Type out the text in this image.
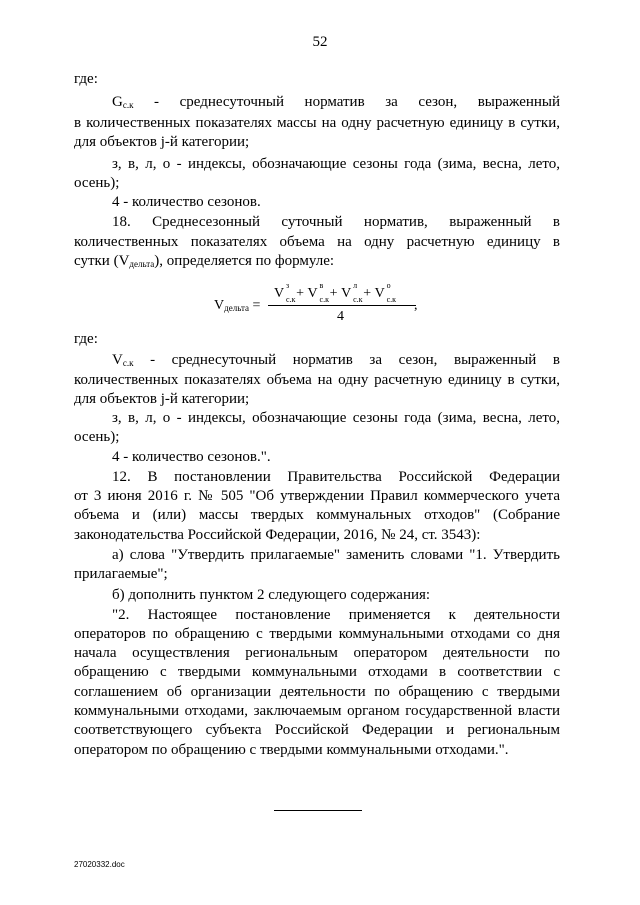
52
где:
$G_{с.к}$ - среднесуточный норматив за сезон, выраженный
в количественных показателях массы на одну расчетную единицу в сутки,
для объектов j-й категории;
з, в, л, о - индексы, обозначающие сезоны года (зима, весна, лето,
осень);
4 - количество сезонов.
18. Среднесезонный суточный норматив, выраженный в
количественных показателях объема на одну расчетную единицу в
сутки $(V_{дельта})$, определяется по формуле:
$V_{дельта}$ =
V
з
с.к + V
в
с.к + V
л
с.к + V
о
с.к
4
,
где:
$V_{с.к}$ - среднесуточный норматив за сезон, выраженный в
количественных показателях объема на одну расчетную единицу в сутки,
для объектов j-й категории;
з, в, л, о - индексы, обозначающие сезоны года (зима, весна, лето,
осень);
4 - количество сезонов.".
12. В постановлении Правительства Российской Федерации
от 3 июня 2016 г. № 505 "Об утверждении Правил коммерческого учета
объема и (или) массы твердых коммунальных отходов" (Собрание
законодательства Российской Федерации, 2016, № 24, ст. 3543):
а) слова "Утвердить прилагаемые" заменить словами "1. Утвердить
прилагаемые";
б) дополнить пунктом 2 следующего содержания:
"2. Настоящее постановление применяется к деятельности
операторов по обращению с твердыми коммунальными отходами со дня
начала осуществления региональным оператором деятельности по
обращению с твердыми коммунальными отходами в соответствии с
соглашением об организации деятельности по обращению с твердыми
коммунальными отходами, заключаемым органом государственной власти
соответствующего субъекта Российской Федерации и региональным
оператором по обращению с твердыми коммунальными отходами.".
27020332.doc
